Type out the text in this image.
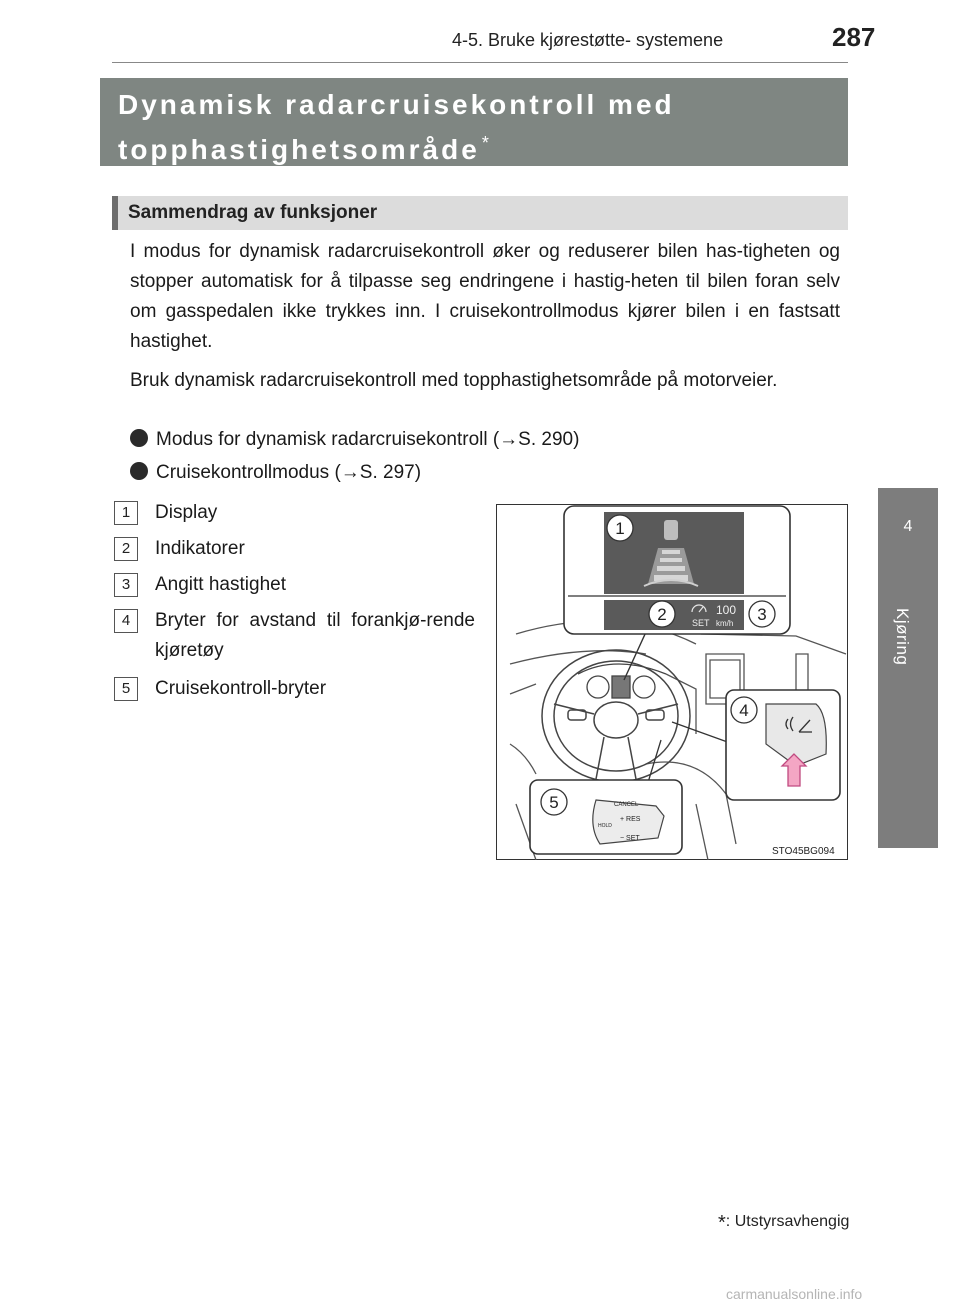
4-5. Bruke kjørestøtte- systemene	287
4
Kjøring
Dynamisk radarcruisekontroll med
topphastighetsområde *
Sammendrag av funksjoner
I modus for dynamisk radarcruisekontroll øker og reduserer bilen has-tigheten og stopper automatisk for å tilpasse seg endringene i hastig-heten til bilen foran selv om gasspedalen ikke trykkes inn. I cruisekontrollmodus kjører bilen i en fastsatt hastighet.
Bruk dynamisk radarcruisekontroll med topphastighetsområde på motorveier.
Modus for dynamisk radarcruisekontroll (→S. 290)
Cruisekontrollmodus (→S. 297)
1	Display
2	Indikatorer
3	Angitt hastighet
4	Bryter for avstand til forankjø-rende kjøretøy
5	Cruisekontroll-bryter
100
SET km/h
1
2	3
4
CANCEL
+ RES
HOLD
− SET
5
STO45BG094
*: Utstyrsavhengig
carmanualsonline.info
